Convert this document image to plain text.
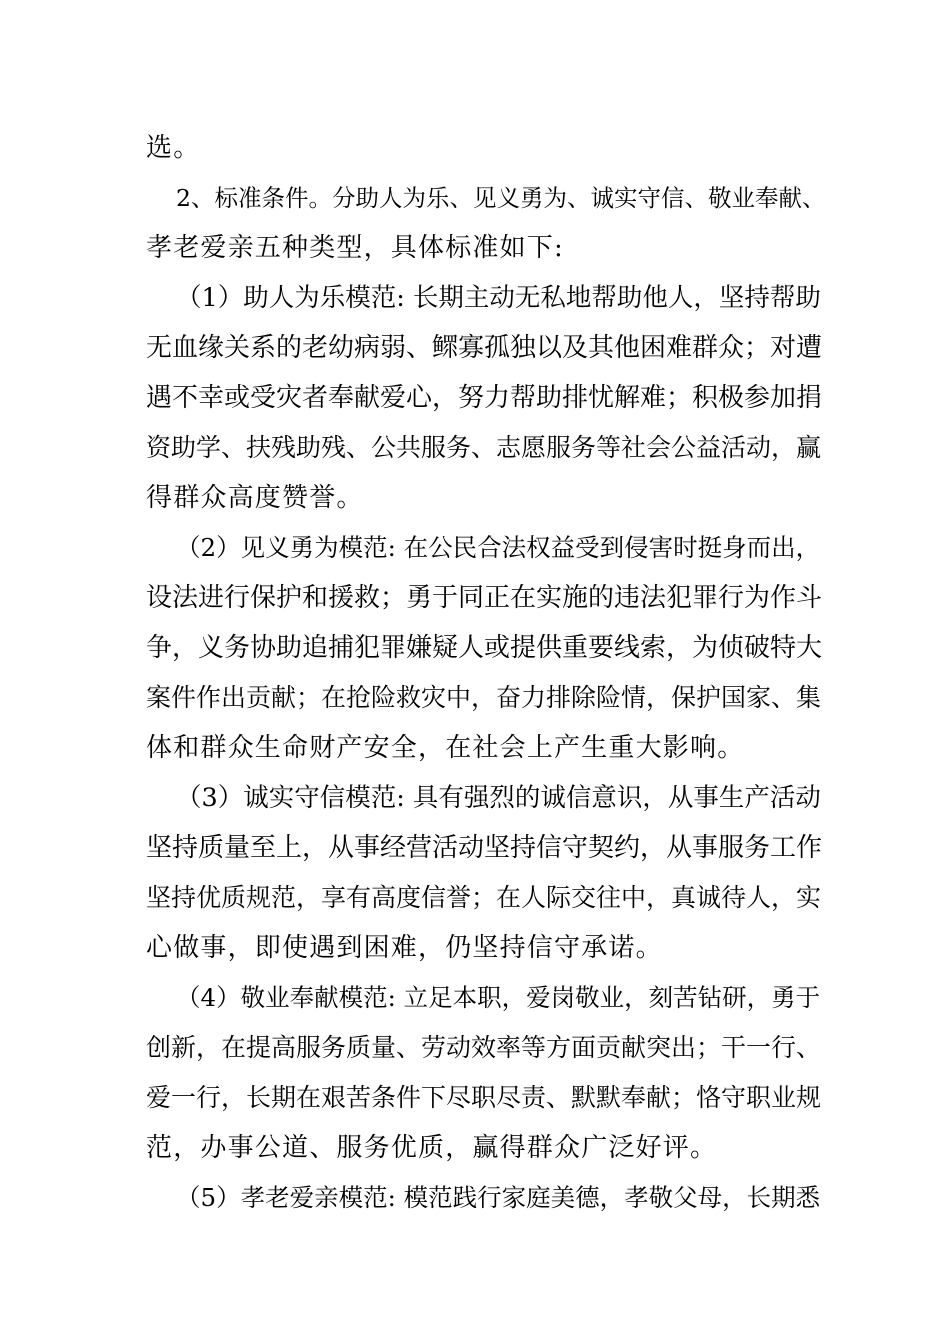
选。
2、标准条件。分助人为乐、见义勇为、诚实守信、敬业奉献、
孝老爱亲五种类型，具体标准如下:
（1）助人为乐模范: 长期主动无私地帮助他人，坚持帮助
无血缘关系的老幼病弱、鳏寡孤独以及其他困难群众；对遭
遇不幸或受灾者奉献爱心，努力帮助排忧解难；积极参加捐
资助学、扶残助残、公共服务、志愿服务等社会公益活动，赢
得群众高度赞誉。
（2）见义勇为模范: 在公民合法权益受到侵害时挺身而出，
设法进行保护和援救；勇于同正在实施的违法犯罪行为作斗
争，义务协助追捕犯罪嫌疑人或提供重要线索，为侦破特大
案件作出贡献；在抢险救灾中，奋力排除险情，保护国家、集
体和群众生命财产安全，在社会上产生重大影响。
（3）诚实守信模范: 具有强烈的诚信意识，从事生产活动
坚持质量至上，从事经营活动坚持信守契约，从事服务工作
坚持优质规范，享有高度信誉；在人际交往中，真诚待人，实
心做事，即使遇到困难，仍坚持信守承诺。
（4）敬业奉献模范: 立足本职，爱岗敬业，刻苦钻研，勇于
创新，在提高服务质量、劳动效率等方面贡献突出；干一行、
爱一行，长期在艰苦条件下尽职尽责、默默奉献；恪守职业规
范，办事公道、服务优质，赢得群众广泛好评。
（5）孝老爱亲模范: 模范践行家庭美德，孝敬父母，长期悉
